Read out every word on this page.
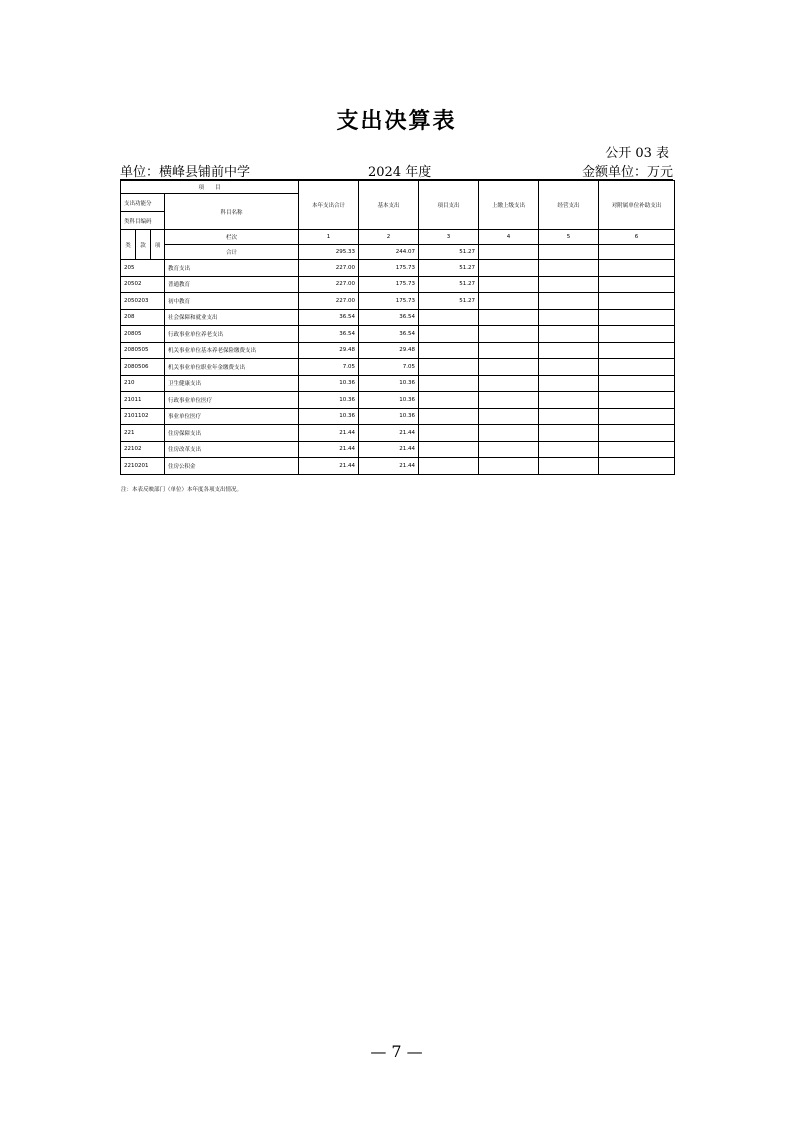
支出决算表
公开 03 表
单位：横峰县铺前中学	2024 年度	金额单位：万元
项　　目				本年支出合计	基本支出	项目支出	上缴上级支出	经营支出	对附属单位补助支出
支出功能分			科目名称						
类科目编码									
类	款	项	栏次	1	2	3	4	5	6
			合计	295.33	244.07	51.27			
205			教育支出	227.00	175.73	51.27			
20502			普通教育	227.00	175.73	51.27			
2050203			初中教育	227.00	175.73	51.27			
208			社会保障和就业支出	36.54	36.54				
20805			行政事业单位养老支出	36.54	36.54				
2080505			机关事业单位基本养老保险缴费支出	29.48	29.48				
2080506			机关事业单位职业年金缴费支出	7.05	7.05				
210			卫生健康支出	10.36	10.36				
21011			行政事业单位医疗	10.36	10.36				
2101102			事业单位医疗	10.36	10.36				
221			住房保障支出	21.44	21.44				
22102			住房改革支出	21.44	21.44				
2210201			住房公积金	21.44	21.44				
注：本表反映部门（单位）本年度各项支出情况。
— 7 —
